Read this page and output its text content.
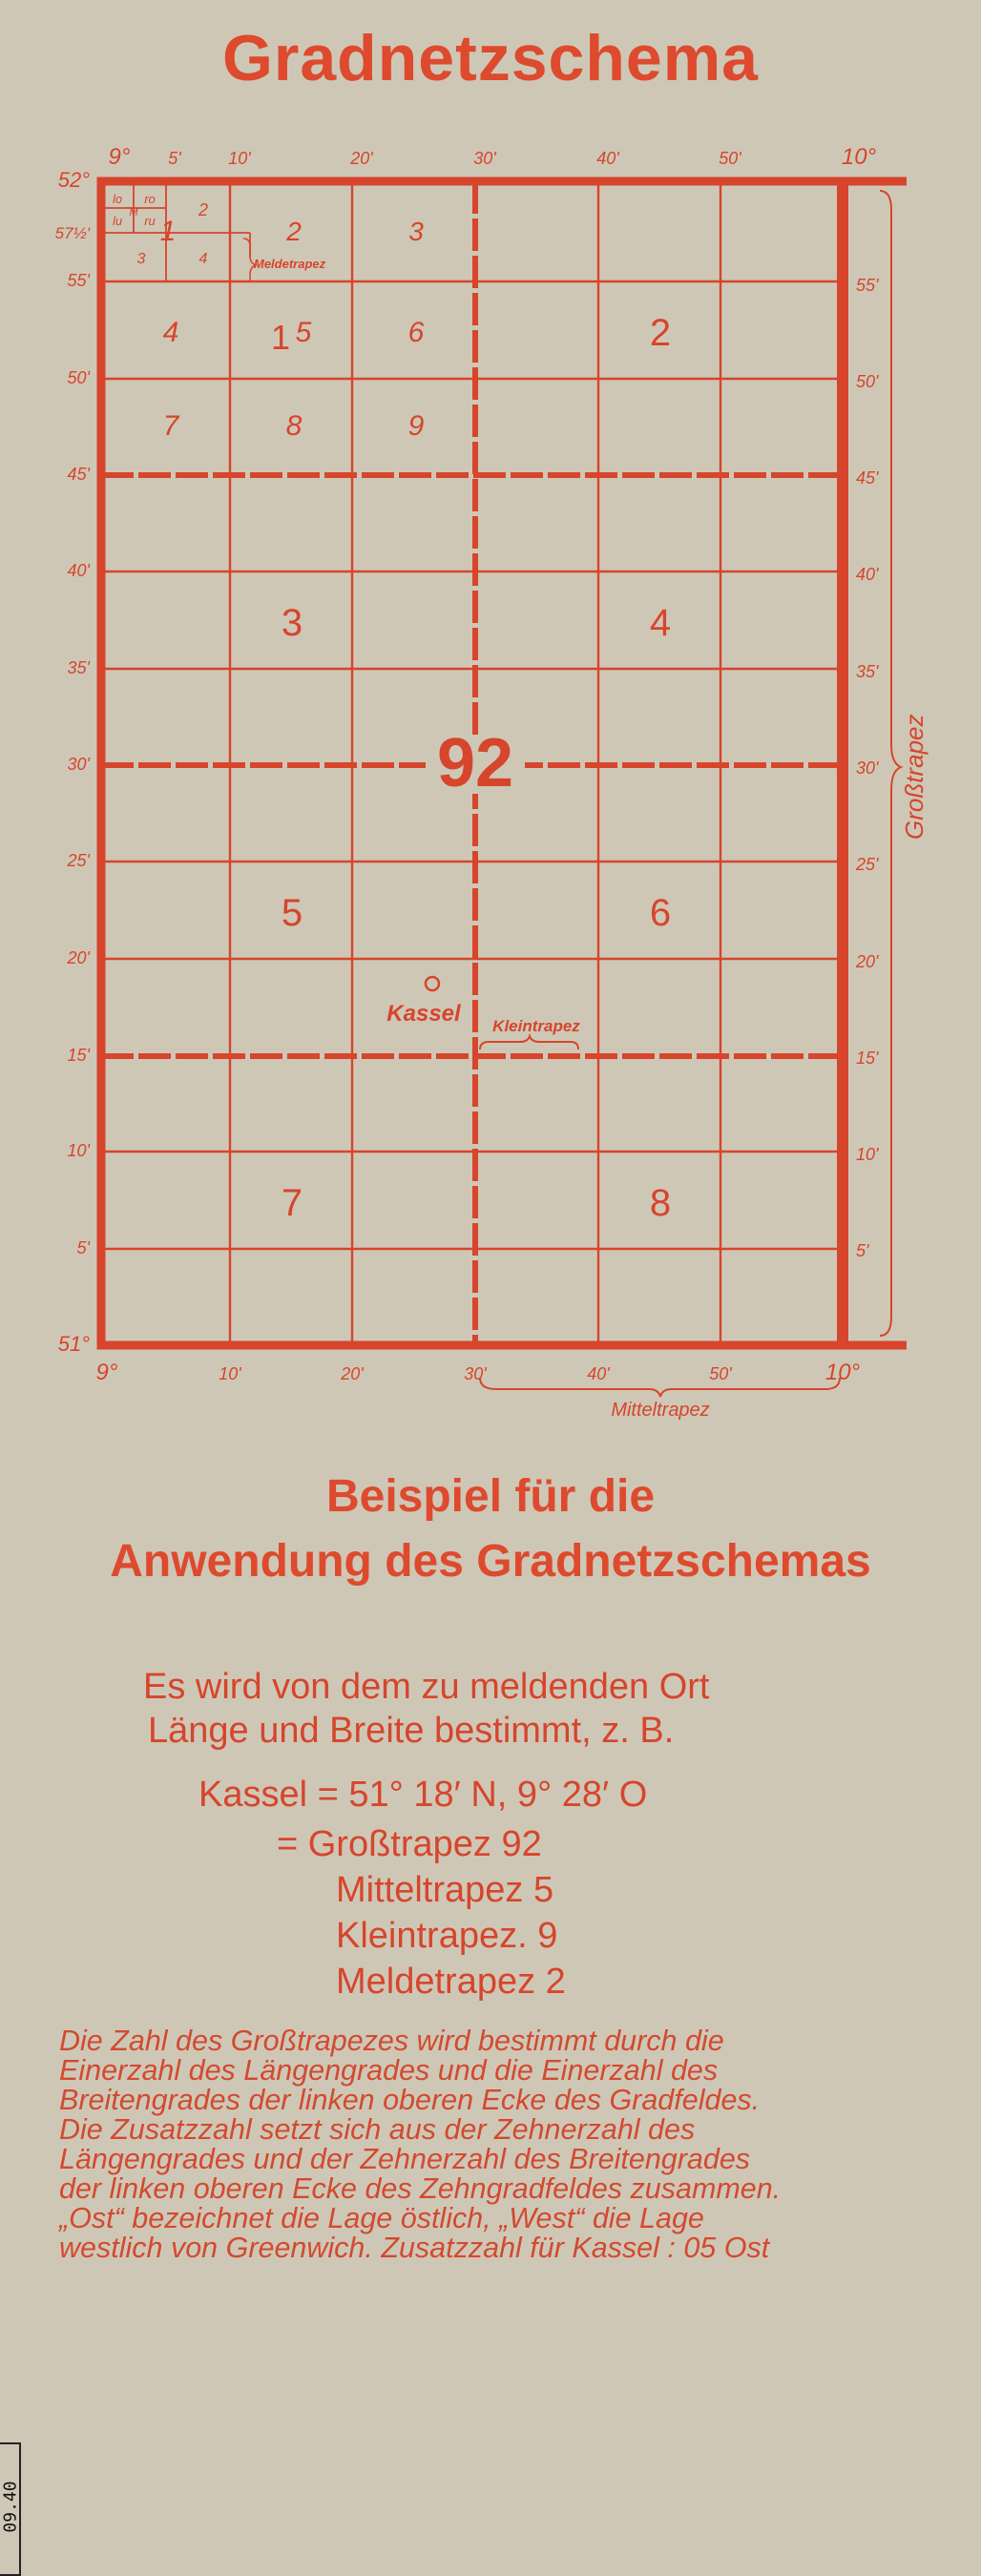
Gradnetzschema
9° 5'	10'	20'	30'	40'	50'	10°
9°	10'	20'	30'	40'	50'	10°
52°
57½'
55'
50'
45'
40'
35'
30'
25'
20'
15'
10'
5'
51°
55'
50'
45'
40'
35'
30'
25'
20'
15'
10'
5'
Großtrapez
Mitteltrapez
Kleintrapez
Meldetrapez
lo ro
lu ru
M
1
2
3	4
2	3
4	5	6
7	8	9
1	2
3	4
5	6
7	8
92
Kassel
Beispiel für die
Anwendung des Gradnetzschemas
Es wird von dem zu meldenden Ort
Länge und Breite bestimmt, z. B.
Kassel = 51° 18′ N, 9° 28′ O
= Großtrapez 92
Mitteltrapez 5
Kleintrapez. 9
Meldetrapez 2
Die Zahl des Großtrapezes wird bestimmt durch die
Einerzahl des Längengrades und die Einerzahl des
Breitengrades der linken oberen Ecke des Gradfeldes.
Die Zusatzzahl setzt sich aus der Zehnerzahl des
Längengrades und der Zehnerzahl des Breitengrades
der linken oberen Ecke des Zehngradfeldes zusammen.
„Ost“ bezeichnet die Lage östlich, „West“ die Lage
westlich von Greenwich. Zusatzzahl für Kassel : 05 Ost
09.40
